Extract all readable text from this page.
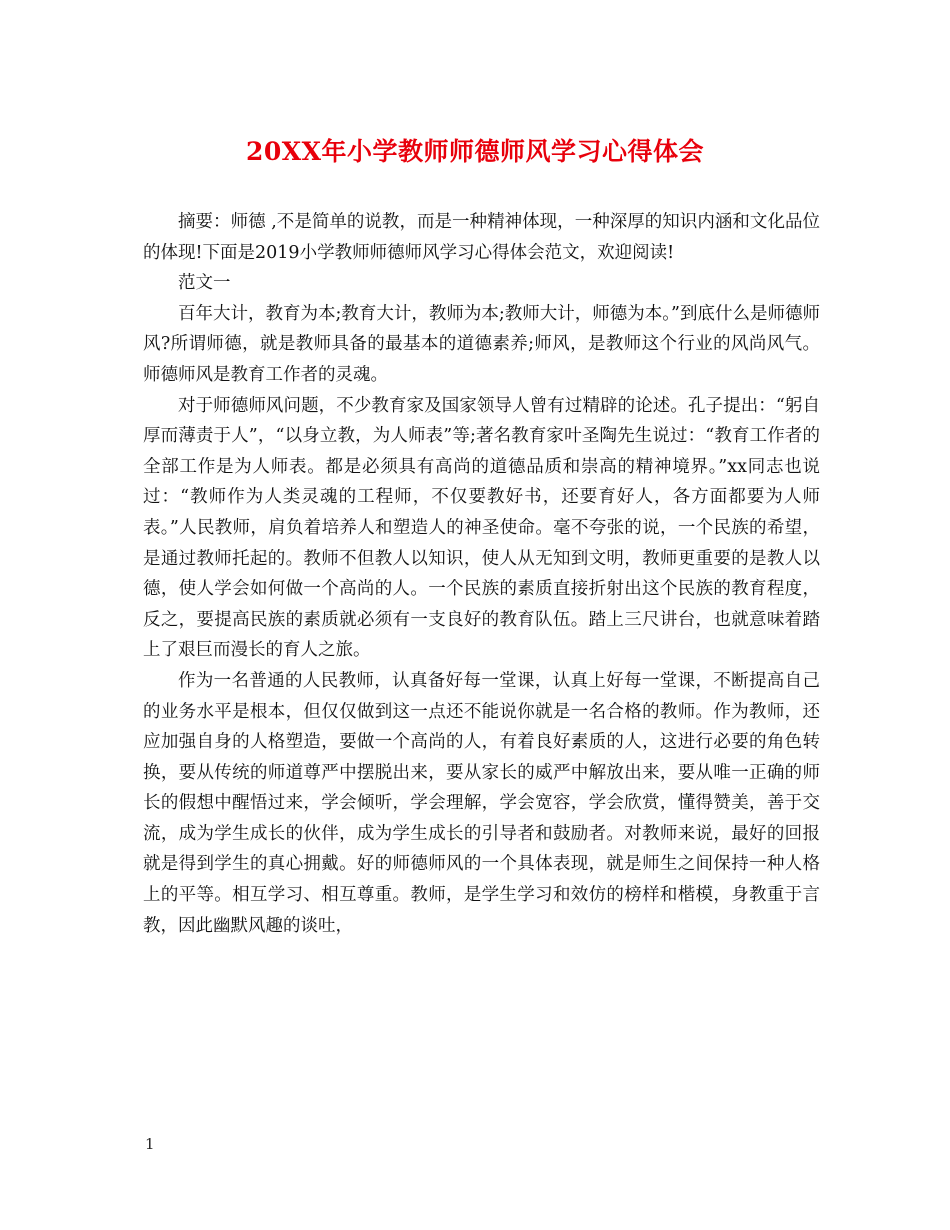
20XX年小学教师师德师风学习心得体会

摘要：师德 ,不是简单的说教，而是一种精神体现，一种深厚的知识内涵和文化品位的体现!下面是2019小学教师师德师风学习心得体会范文，欢迎阅读!

范文一

百年大计，教育为本;教育大计，教师为本;教师大计，师德为本。”到底什么是师德师风?所谓师德，就是教师具备的最基本的道德素养;师风，是教师这个行业的风尚风气。师德师风是教育工作者的灵魂。

对于师德师风问题，不少教育家及国家领导人曾有过精辟的论述。孔子提出：“躬自厚而薄责于人”，“以身立教，为人师表”等;著名教育家叶圣陶先生说过：“教育工作者的全部工作是为人师表。都是必须具有高尚的道德品质和崇高的精神境界。”xx同志也说过：“教师作为人类灵魂的工程师，不仅要教好书，还要育好人，各方面都要为人师表。”人民教师，肩负着培养人和塑造人的神圣使命。毫不夸张的说，一个民族的希望，是通过教师托起的。教师不但教人以知识，使人从无知到文明，教师更重要的是教人以德，使人学会如何做一个高尚的人。一个民族的素质直接折射出这个民族的教育程度，反之，要提高民族的素质就必须有一支良好的教育队伍。踏上三尺讲台，也就意味着踏上了艰巨而漫长的育人之旅。

作为一名普通的人民教师，认真备好每一堂课，认真上好每一堂课，不断提高自己的业务水平是根本，但仅仅做到这一点还不能说你就是一名合格的教师。作为教师，还应加强自身的人格塑造，要做一个高尚的人，有着良好素质的人，这进行必要的角色转换，要从传统的师道尊严中摆脱出来，要从家长的威严中解放出来，要从唯一正确的师长的假想中醒悟过来，学会倾听，学会理解，学会宽容，学会欣赏，懂得赞美，善于交流，成为学生成长的伙伴，成为学生成长的引导者和鼓励者。对教师来说，最好的回报就是得到学生的真心拥戴。好的师德师风的一个具体表现，就是师生之间保持一种人格上的平等。相互学习、相互尊重。教师，是学生学习和效仿的榜样和楷模，身教重于言教，因此幽默风趣的谈吐，

1
